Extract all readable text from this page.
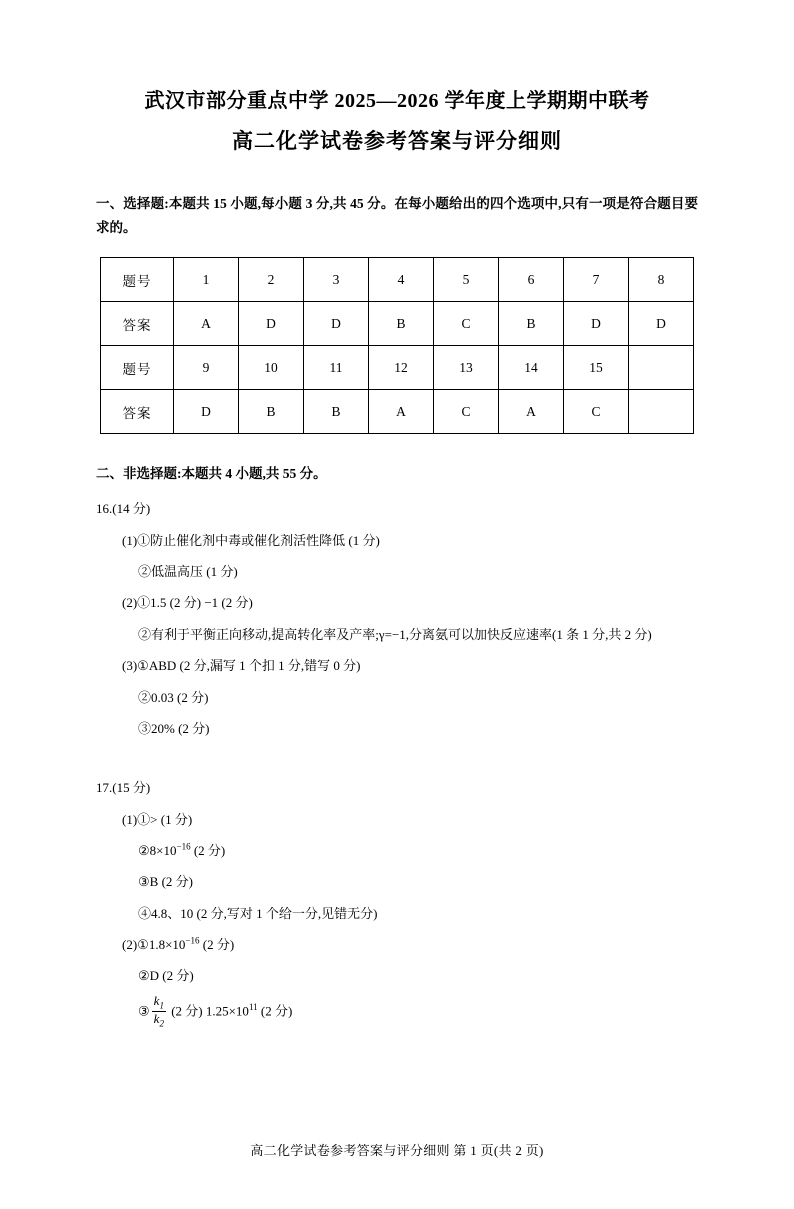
武汉市部分重点中学 2025—2026 学年度上学期期中联考
高二化学试卷参考答案与评分细则
一、选择题:本题共 15 小题,每小题 3 分,共 45 分。在每小题给出的四个选项中,只有一项是符合题目要求的。
题号	1	2	3	4	5	6	7	8
答案	A	D	D	B	C	B	D	D
题号	9	10	11	12	13	14	15	
答案	D	B	B	A	C	A	C	
二、非选择题:本题共 4 小题,共 55 分。
16.(14 分)
(1)①防止催化剂中毒或催化剂活性降低 (1 分)
②低温高压 (1 分)
(2)①1.5 (2 分) −1 (2 分)
②有利于平衡正向移动,提高转化率及产率;γ=−1,分离氨可以加快反应速率(1 条 1 分,共 2 分)
(3)①ABD (2 分,漏写 1 个扣 1 分,错写 0 分)
②0.03 (2 分)
③20% (2 分)
17.(15 分)
(1)①> (1 分)
$②8\times 10^{-16}$ (2 分)
③B (2 分)
④4.8、10 (2 分,写对 1 个给一分,见错无分)
$(2)①1.8\times 10^{-16}$ (2 分)
②D (2 分)
③ $\frac{k_1}{k_2} (2$ 分) $1.25\times 10^{11}$ (2 分)
高二化学试卷参考答案与评分细则 第 1 页(共 2 页)
